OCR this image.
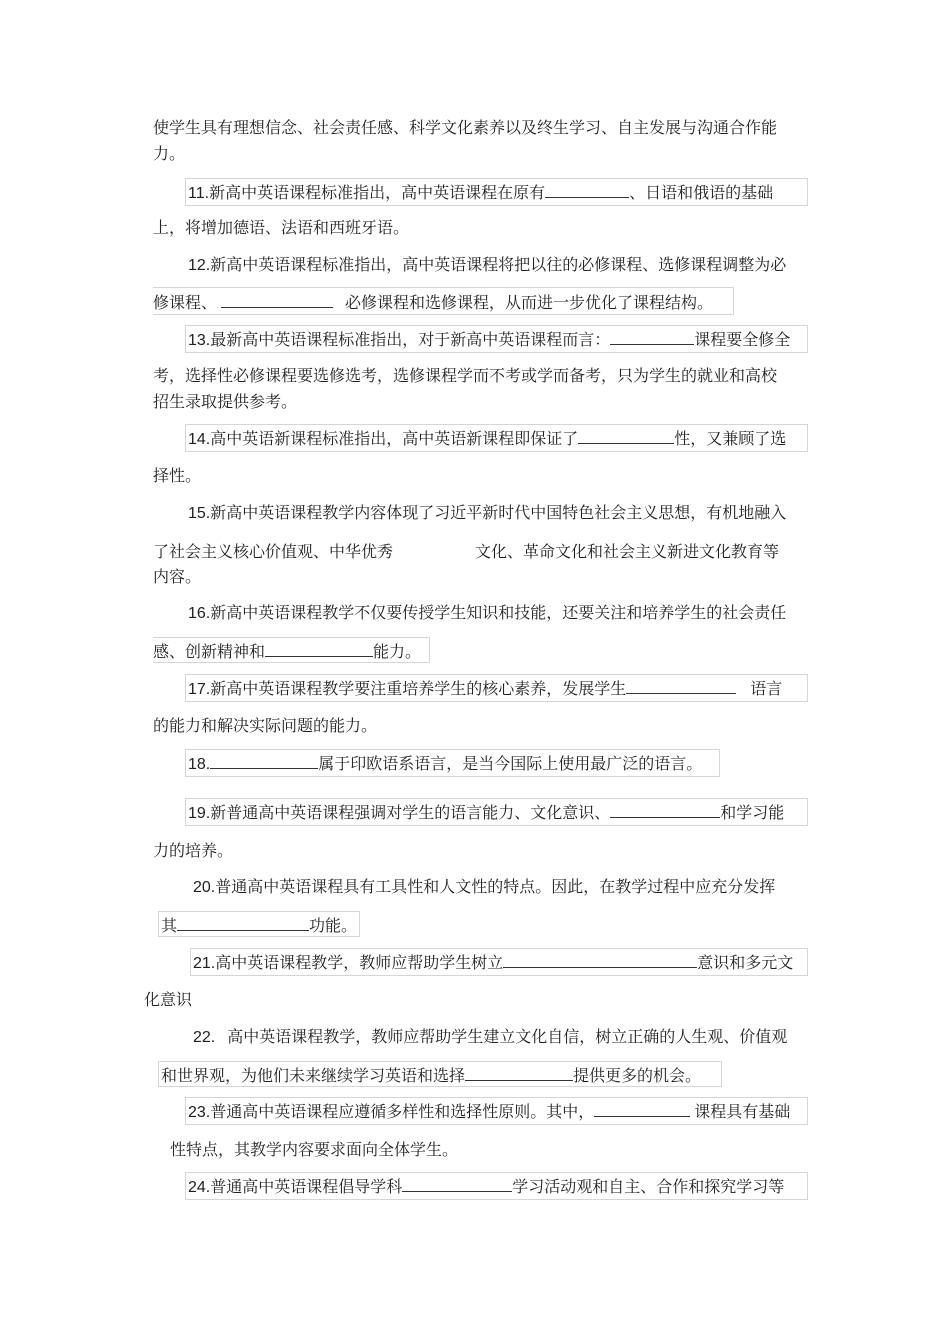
使学生具有理想信念、社会责任感、科学文化素养以及终生学习、自主发展与沟通合作能
力。
11.新高中英语课程标准指出，高中英语课程在原有	、日语和俄语的基础
上，将增加德语、法语和西班牙语。
12.新高中英语课程标准指出，高中英语课程将把以往的必修课程、选修课程调整为必
修课程、	必修课程和选修课程，从而进一步优化了课程结构。
13.最新高中英语课程标准指出，对于新高中英语课程而言：	课程要全修全
考，选择性必修课程要选修选考，选修课程学而不考或学而备考，只为学生的就业和高校
招生录取提供参考。
14.高中英语新课程标准指出，高中英语新课程即保证了	性，又兼顾了选
择性。
15.新高中英语课程教学内容体现了习近平新时代中国特色社会主义思想，有机地融入
了社会主义核心价值观、中华优秀	文化、革命文化和社会主义新进文化教育等
内容。
16.新高中英语课程教学不仅要传授学生知识和技能，还要关注和培养学生的社会责任
感、创新精神和	能力。
17.新高中英语课程教学要注重培养学生的核心素养，发展学生	语言
的能力和解决实际问题的能力。
18.	属于印欧语系语言，是当今国际上使用最广泛的语言。
19.新普通高中英语课程强调对学生的语言能力、文化意识、	和学习能
力的培养。
20.普通高中英语课程具有工具性和人文性的特点。因此，在教学过程中应充分发挥
其	功能。
21.高中英语课程教学，教师应帮助学生树立	意识和多元文
化意识
22. 高中英语课程教学，教师应帮助学生建立文化自信，树立正确的人生观、价值观
和世界观，为他们未来继续学习英语和选择	提供更多的机会。
23.普通高中英语课程应遵循多样性和选择性原则。其中，	课程具有基础
性特点，其教学内容要求面向全体学生。
24.普通高中英语课程倡导学科	学习活动观和自主、合作和探究学习等
